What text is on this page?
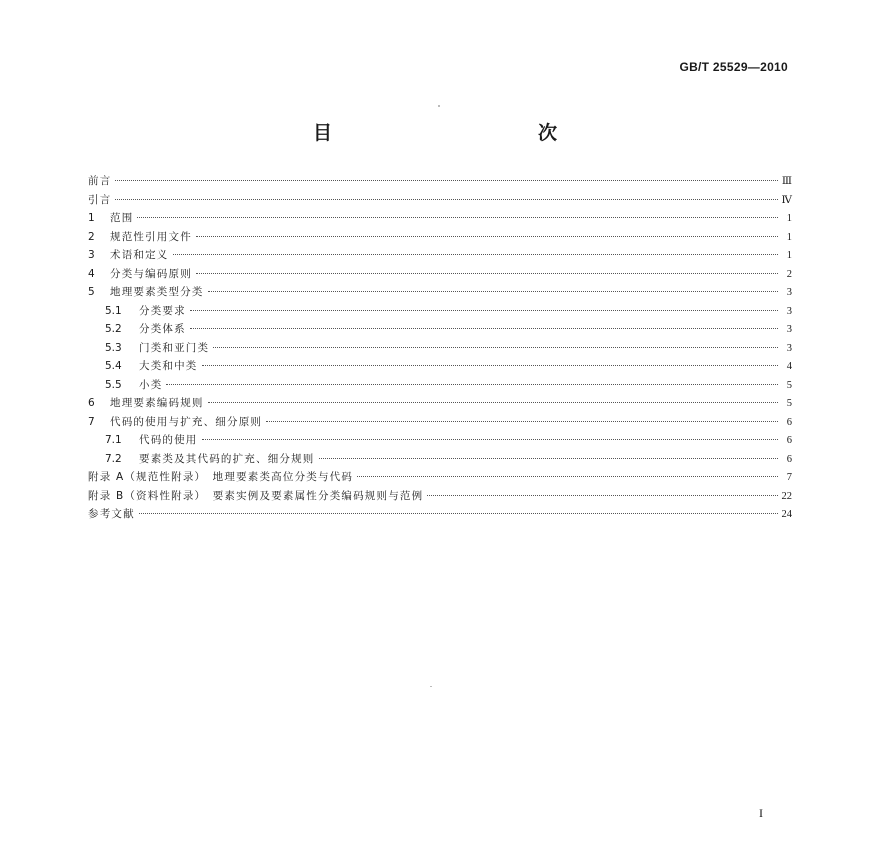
GB/T 25529—2010
目　　次
前言	Ⅲ
引言	Ⅳ
1	范围	1
2	规范性引用文件	1
3	术语和定义	1
4	分类与编码原则	2
5	地理要素类型分类	3
5.1	分类要求	3
5.2	分类体系	3
5.3	门类和亚门类	3
5.4	大类和中类	4
5.5	小类	5
6	地理要素编码规则	5
7	代码的使用与扩充、细分原则	6
7.1	代码的使用	6
7.2	要素类及其代码的扩充、细分规则	6
附录 A（规范性附录）　地理要素类高位分类与代码	7
附录 B（资料性附录）　要素实例及要素属性分类编码规则与范例	22
参考文献	24
I
